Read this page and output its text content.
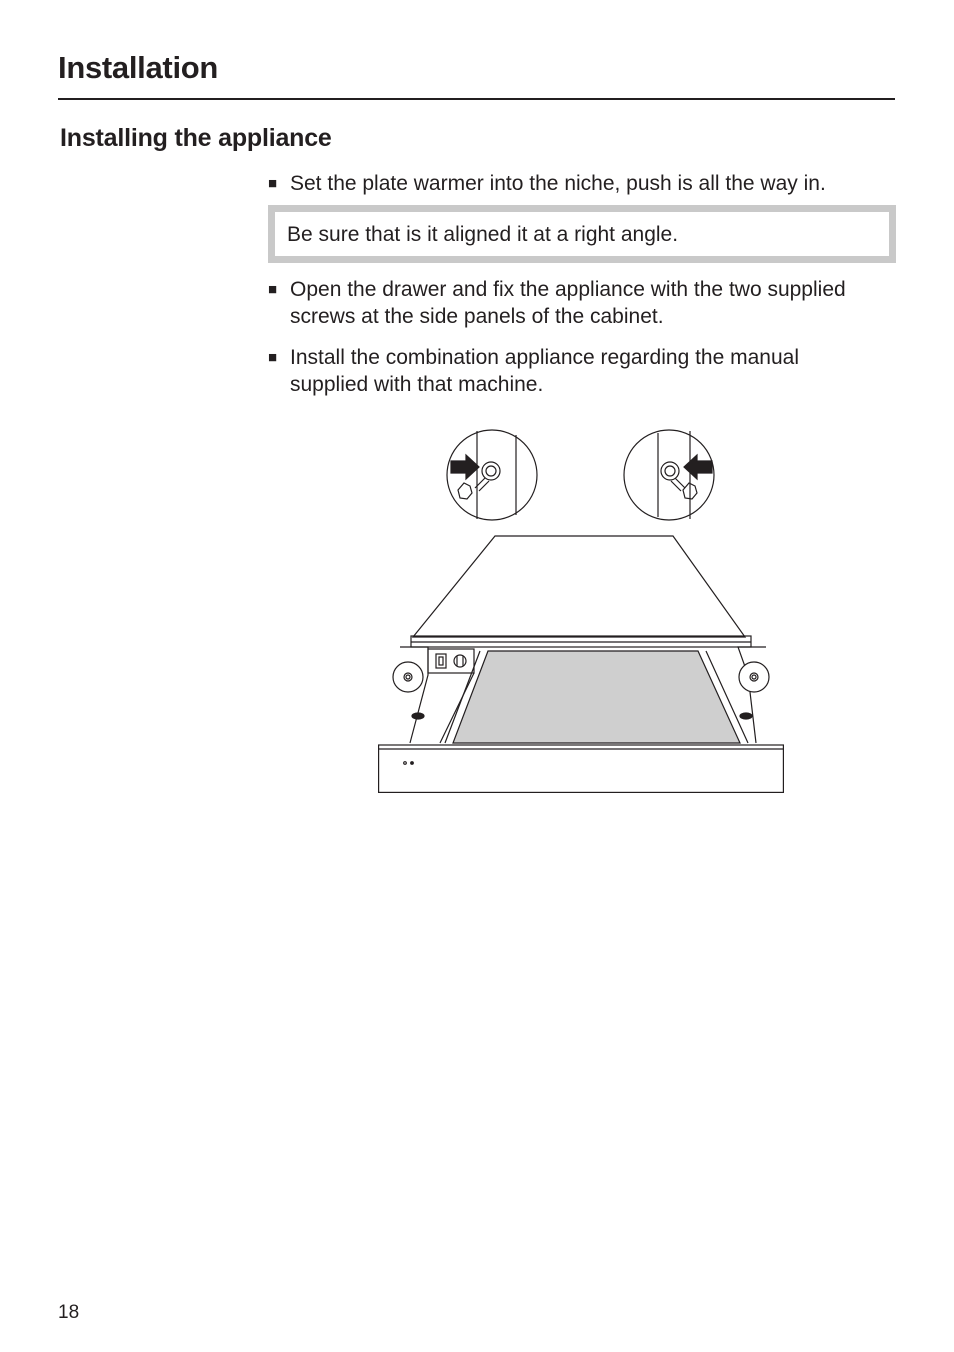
Installation
Installing the appliance
■ Set the plate warmer into the niche, push is all the way in.
Be sure that is it aligned it at a right angle.
■ Open the drawer and fix the appliance with the two supplied screws at the side panels of the cabinet.
■ Install the combination appliance regarding the manual supplied with that machine.
18
